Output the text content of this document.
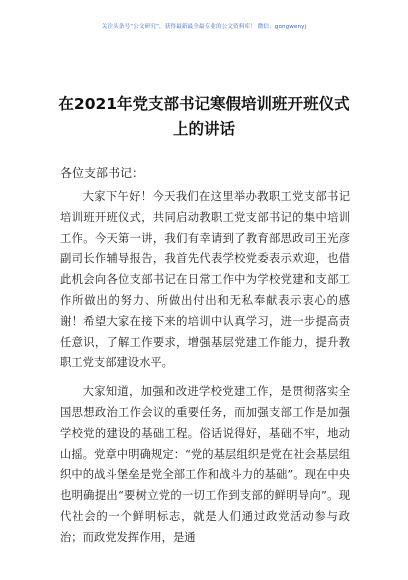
关注头条号“公文研究”，获得最新最全最专业的公文资料库！ 微信：gongwenyj
在2021年党支部书记寒假培训班开班仪式上的讲话
各位支部书记：

大家下午好！今天我们在这里举办教职工党支部书记培训班开班仪式，共同启动教职工党支部书记的集中培训工作。今天第一讲，我们有幸请到了教育部思政司王光彦副司长作辅导报告，我首先代表学校党委表示欢迎，也借此机会向各位支部书记在日常工作中为学校党建和支部工作所做出的努力、所做出付出和无私奉献表示衷心的感谢！希望大家在接下来的培训中认真学习，进一步提高责任意识，了解工作要求，增强基层党建工作能力，提升教职工党支部建设水平。

大家知道，加强和改进学校党建工作，是贯彻落实全国思想政治工作会议的重要任务，而加强支部工作是加强学校党的建设的基础工程。俗话说得好，基础不牢，地动山摇。党章中明确规定：“党的基层组织是党在社会基层组织中的战斗堡垒是党全部工作和战斗力的基础”。现在中央也明确提出“要树立党的一切工作到支部的鲜明导向”。现代社会的一个鲜明标志，就是人们通过政党活动参与政治；而政党发挥作用，是通
